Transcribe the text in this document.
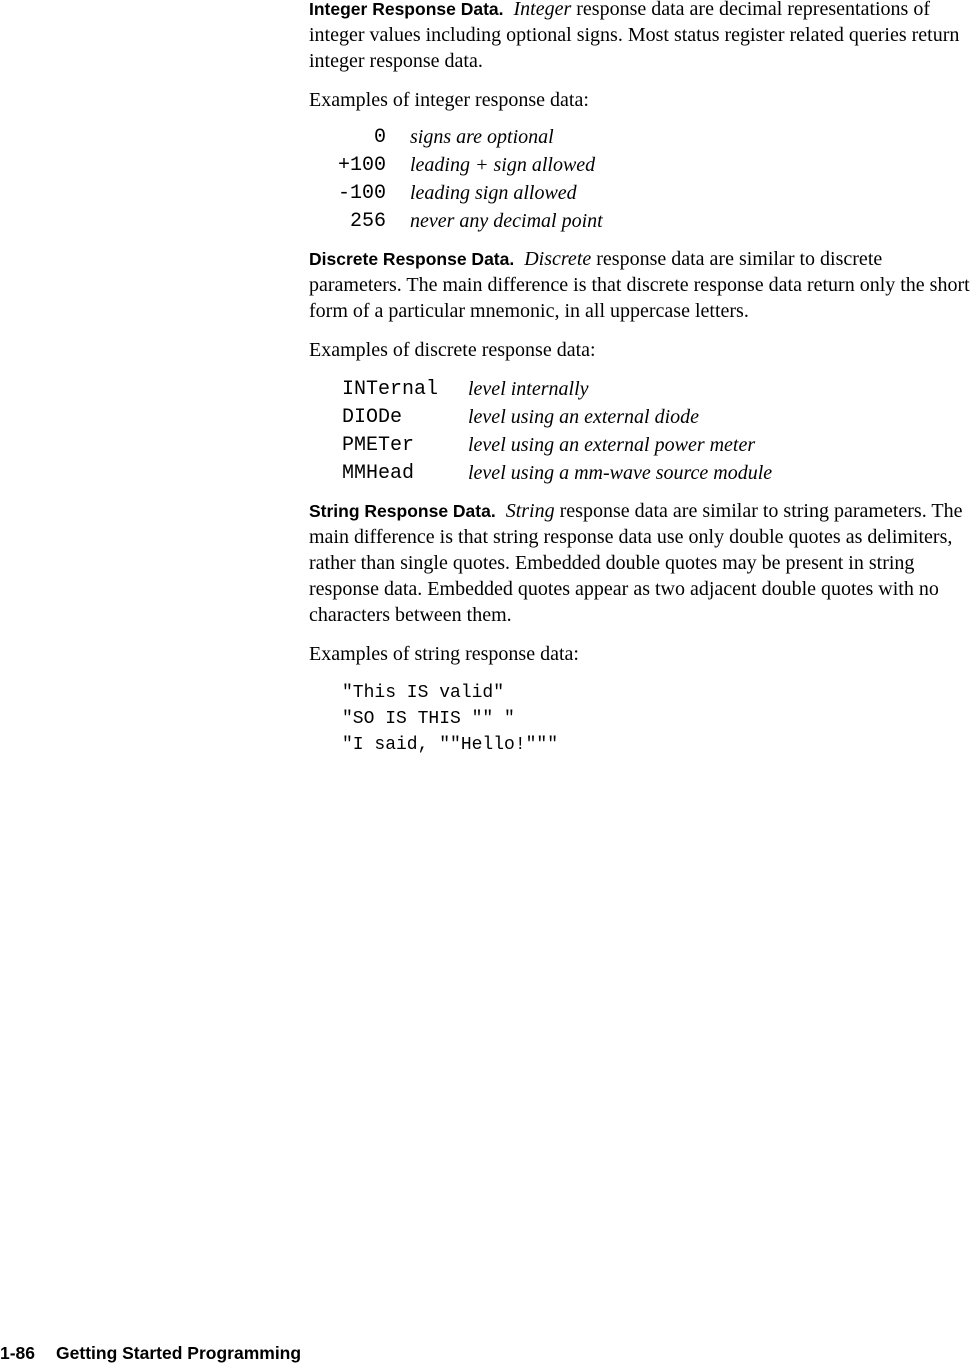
Integer Response Data. Integer response data are decimal representations of integer values including optional signs. Most status register related queries return integer response data.

Examples of integer response data:

0	signs are optional
+100	leading + sign allowed
-100	leading sign allowed
256	never any decimal point

Discrete Response Data. Discrete response data are similar to discrete parameters. The main difference is that discrete response data return only the short form of a particular mnemonic, in all uppercase letters.

Examples of discrete response data:

INTernal	level internally
DIODe	level using an external diode
PMETer	level using an external power meter
MMHead	level using a mm-wave source module

String Response Data. String response data are similar to string parameters. The main difference is that string response data use only double quotes as delimiters, rather than single quotes. Embedded double quotes may be present in string response data. Embedded quotes appear as two adjacent double quotes with no characters between them.

Examples of string response data:

"This IS valid"
"SO IS THIS "" "
"I said, ""Hello!"""
1-86 Getting Started Programming
